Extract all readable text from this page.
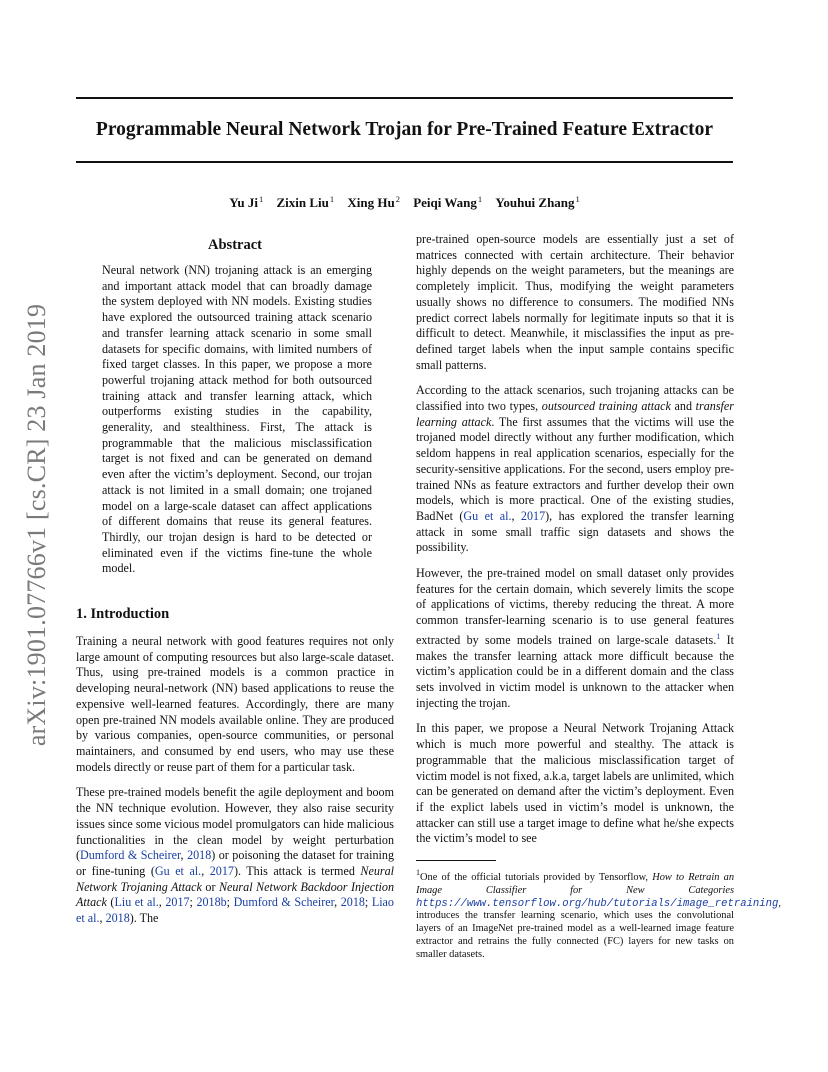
Programmable Neural Network Trojan for Pre-Trained Feature Extractor
Yu Ji$^1$ Zixin Liu$^1$ Xing Hu$^2$ Peiqi Wang$^1$ Youhui Zhang$^1$
arXiv:1901.07766v1 [cs.CR] 23 Jan 2019
Abstract
Neural network (NN) trojaning attack is an emerging and important attack model that can broadly damage the system deployed with NN models. Existing studies have explored the outsourced training attack scenario and transfer learning attack scenario in some small datasets for specific domains, with limited numbers of fixed target classes. In this paper, we propose a more powerful trojaning attack method for both outsourced training attack and transfer learning attack, which outperforms existing studies in the capability, generality, and stealthiness. First, The attack is programmable that the malicious misclassification target is not fixed and can be generated on demand even after the victim’s deployment. Second, our trojan attack is not limited in a small domain; one trojaned model on a large-scale dataset can affect applications of different domains that reuse its general features. Thirdly, our trojan design is hard to be detected or eliminated even if the victims fine-tune the whole model.
1. Introduction

Training a neural network with good features requires not only large amount of computing resources but also large-scale dataset. Thus, using pre-trained models is a common practice in developing neural-network (NN) based applications to reuse the expensive well-learned features. Accordingly, there are many open pre-trained NN models available online. They are produced by various companies, open-source communities, or personal maintainers, and consumed by end users, who may use these models directly or reuse part of them for a particular task.

These pre-trained models benefit the agile deployment and boom the NN technique evolution. However, they also raise security issues since some vicious model promulgators can hide malicious functionalities in the clean model by weight perturbation (Dumford & Scheirer, 2018) or poisoning the dataset for training or fine-tuning (Gu et al., 2017). This attack is termed Neural Network Trojaning Attack or Neural Network Backdoor Injection Attack (Liu et al., 2017; 2018b; Dumford & Scheirer, 2018; Liao et al., 2018). The

pre-trained open-source models are essentially just a set of matrices connected with certain architecture. Their behavior highly depends on the weight parameters, but the meanings are completely implicit. Thus, modifying the weight parameters usually shows no difference to consumers. The modified NNs predict correct labels normally for legitimate inputs so that it is difficult to detect. Meanwhile, it misclassifies the input as pre-defined target labels when the input sample contains specific small patterns.

According to the attack scenarios, such trojaning attacks can be classified into two types, outsourced training attack and transfer learning attack. The first assumes that the victims will use the trojaned model directly without any further modification, which seldom happens in real application scenarios, especially for the security-sensitive applications. For the second, users employ pre-trained NNs as feature extractors and further develop their own models, which is more practical. One of the existing studies, BadNet (Gu et al., 2017), has explored the transfer learning attack in some small traffic sign datasets and shows the possibility.

However, the pre-trained model on small dataset only provides features for the certain domain, which severely limits the scope of applications of victims, thereby reducing the threat. A more common transfer-learning scenario is to use general features extracted by some models trained on large-scale datasets.$^1$ It makes the transfer learning attack more difficult because the victim’s application could be in a different domain and the class sets involved in victim model is unknown to the attacker when injecting the trojan.

In this paper, we propose a Neural Network Trojaning Attack which is much more powerful and stealthy. The attack is programmable that the malicious misclassification target of victim model is not fixed, a.k.a, target labels are unlimited, which can be generated on demand after the victim’s deployment. Even if the explict labels used in victim’s model is unknown, the attacker can still use a target image to define what he/she expects the victim’s model to see

$^1$One of the official tutorials provided by Tensorflow, How to Retrain an Image Classifier for New Categories https://www.tensorflow.org/hub/tutorials/image_retraining, introduces the transfer learning scenario, which uses the convolutional layers of an ImageNet pre-trained model as a well-learned image feature extractor and retrains the fully connected (FC) layers for new tasks on smaller datasets.
